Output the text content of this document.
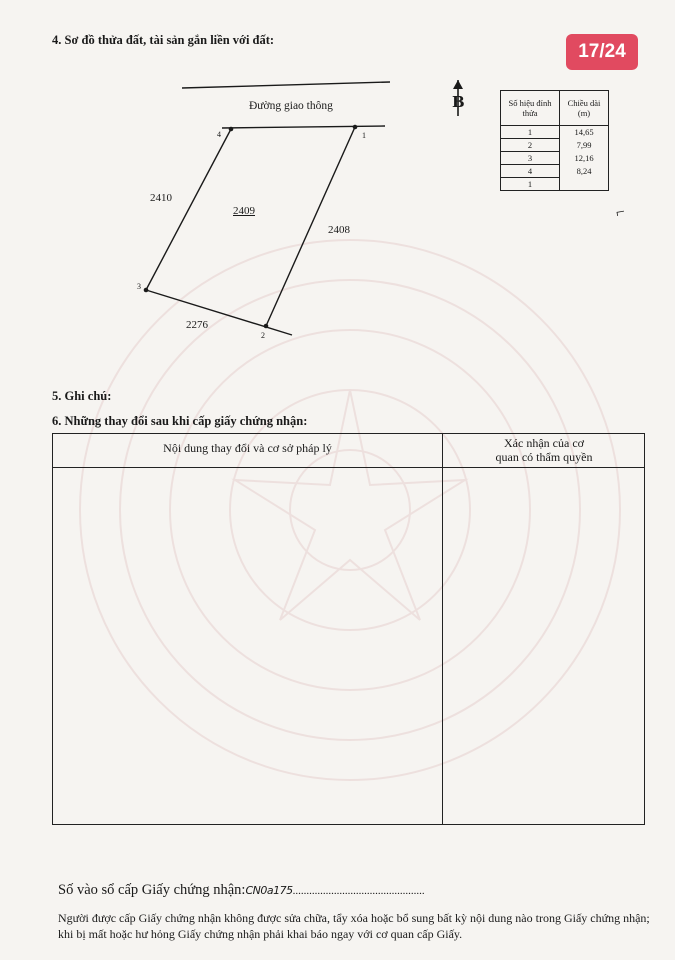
4. Sơ đồ thửa đất, tài sản gắn liền với đất:
17/24
Đường giao thông
2409
2410
2408
2276
1
2
3
4
B	Số hiệu đỉnh thửa	Chiều dài (m)
1	14,65
2	7,99
3	12,16
4	8,24
1	
⌐
5. Ghi chú:
6. Những thay đổi sau khi cấp giấy chứng nhận:
Nội dung thay đổi và cơ sở pháp lý	Xác nhận của cơ
quan có thẩm quyền
Số vào sổ cấp Giấy chứng nhận:CN0a175................................................
Người được cấp Giấy chứng nhận không được sửa chữa, tẩy xóa hoặc bổ sung bất kỳ nội dung nào trong Giấy chứng nhận; khi bị mất hoặc hư hỏng Giấy chứng nhận phải khai báo ngay với cơ quan cấp Giấy.
